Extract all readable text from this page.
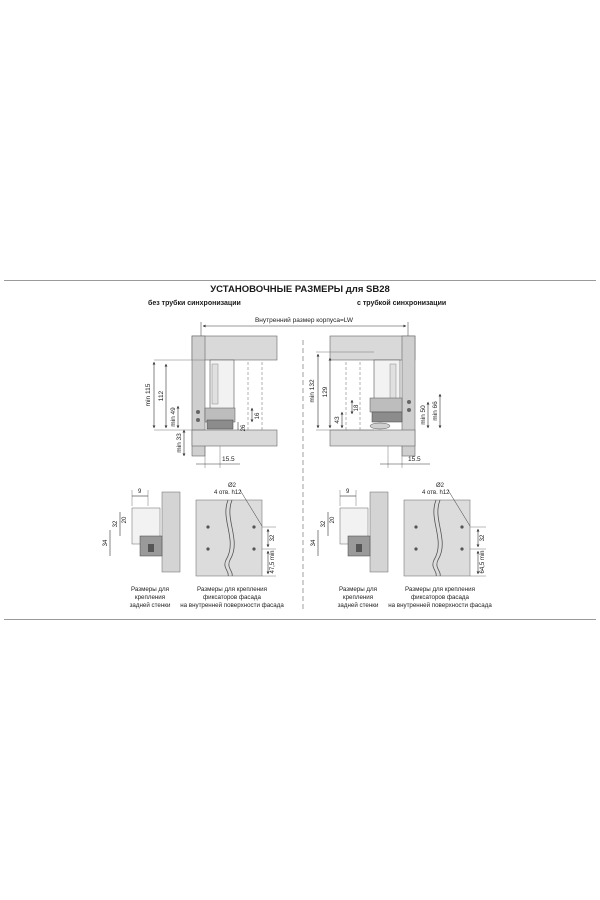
УСТАНОВОЧНЫЕ РАЗМЕРЫ для SB28
без трубки синхронизации	с трубкой синхронизации
Внутренний размер корпуса=LW
min 115 112
min 49
min 33
16
26
15.5
min 132 129
43
18	min 50 min 66
15.5
9
20
32
34
Размеры для
крепления
задней стенки
Ø2
4 отв. h12
32
47,5 min
Размеры для крепления
фиксаторов фасада
на внутренней поверхности фасада
9
20
32
34
Размеры для
крепления
задней стенки
Ø2
4 отв. h12
32
64,5 min
Размеры для крепления
фиксаторов фасада
на внутренней поверхности фасада
